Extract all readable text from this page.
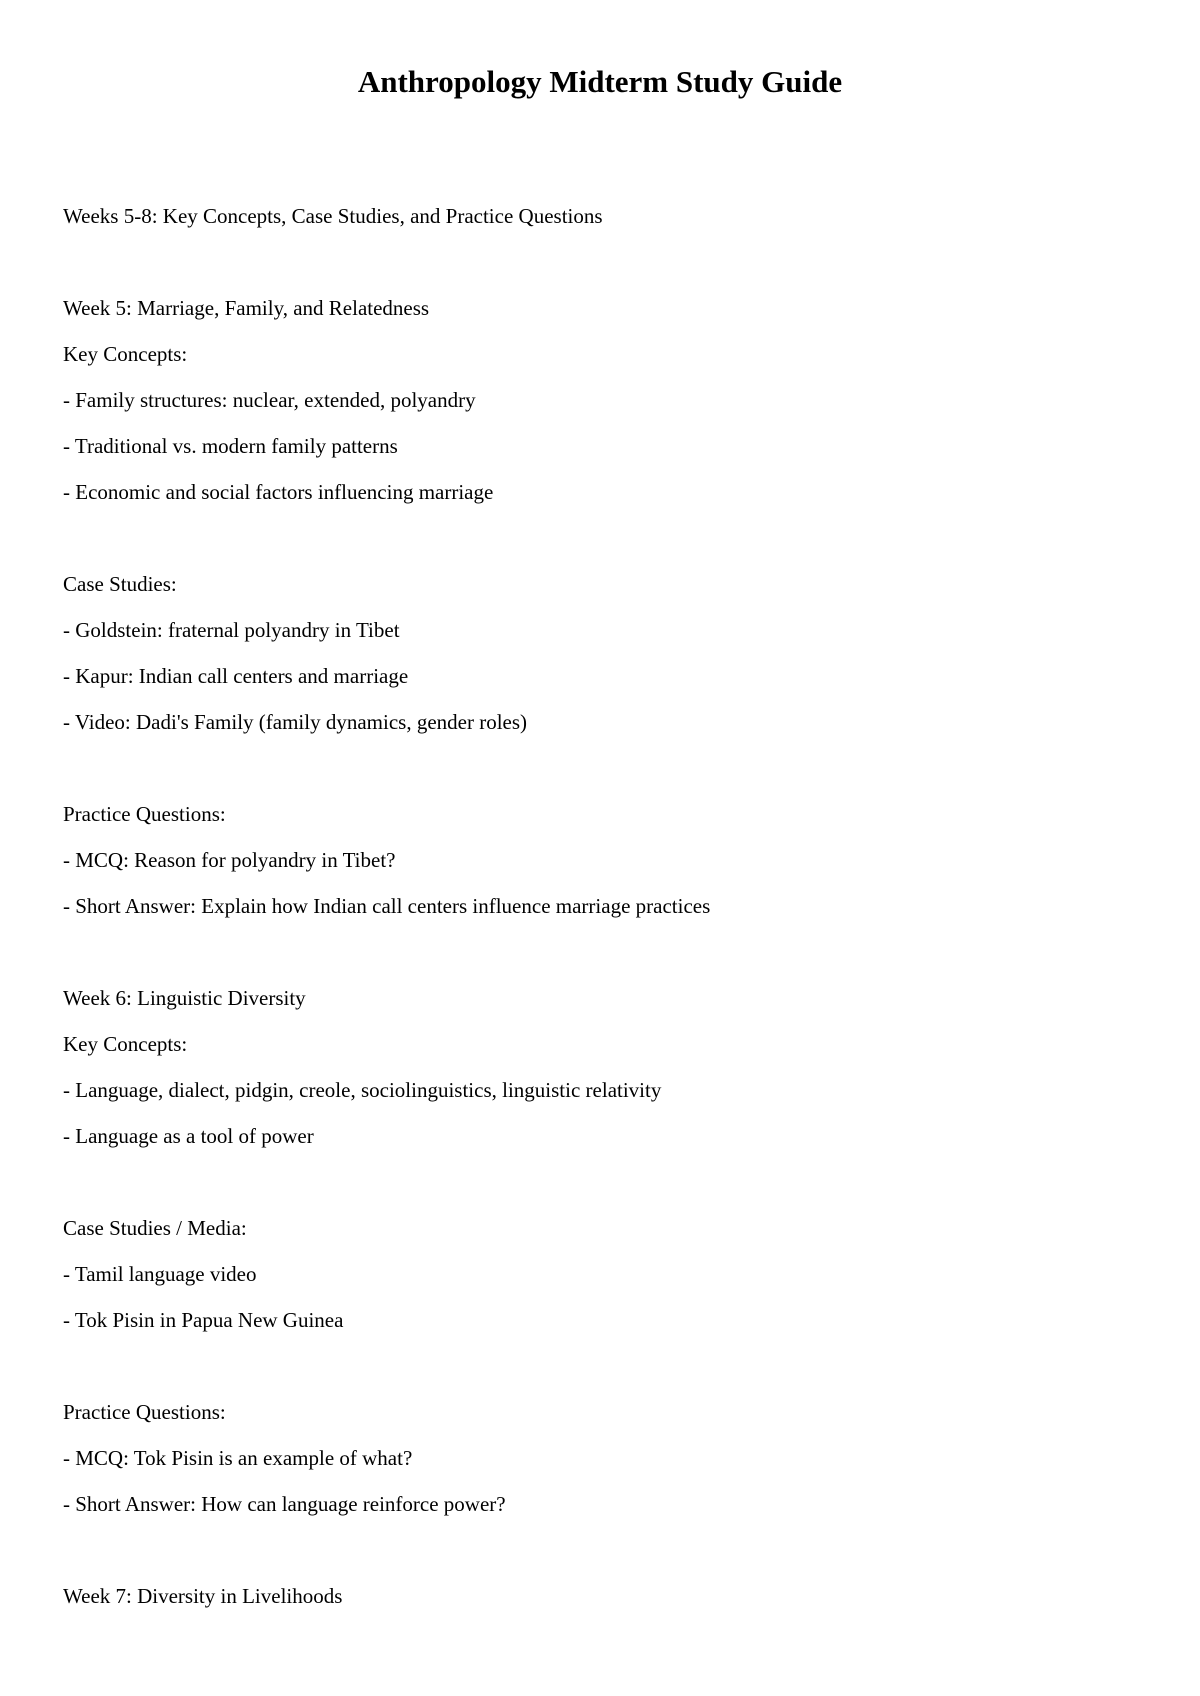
Anthropology Midterm Study Guide

Weeks 5-8: Key Concepts, Case Studies, and Practice Questions

Week 5: Marriage, Family, and Relatedness

Key Concepts:

- Family structures: nuclear, extended, polyandry

- Traditional vs. modern family patterns

- Economic and social factors influencing marriage

Case Studies:

- Goldstein: fraternal polyandry in Tibet

- Kapur: Indian call centers and marriage

- Video: Dadi's Family (family dynamics, gender roles)

Practice Questions:

- MCQ: Reason for polyandry in Tibet?

- Short Answer: Explain how Indian call centers influence marriage practices

Week 6: Linguistic Diversity

Key Concepts:

- Language, dialect, pidgin, creole, sociolinguistics, linguistic relativity

- Language as a tool of power

Case Studies / Media:

- Tamil language video

- Tok Pisin in Papua New Guinea

Practice Questions:

- MCQ: Tok Pisin is an example of what?

- Short Answer: How can language reinforce power?

Week 7: Diversity in Livelihoods
